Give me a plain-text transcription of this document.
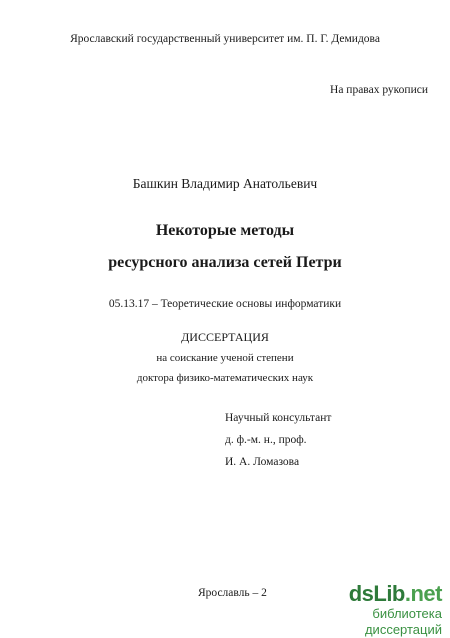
Ярославский государственный университет им. П. Г. Демидова
На правах рукописи
Башкин Владимир Анатольевич
Некоторые методы
ресурсного анализа сетей Петри
05.13.17 – Теоретические основы информатики
ДИССЕРТАЦИЯ
на соискание ученой степени
доктора физико-математических наук
Научный консультант
д. ф.-м. н., проф.
И. А. Ломазова
Ярославль – 2	dsLib.net
библиотека диссертаций
